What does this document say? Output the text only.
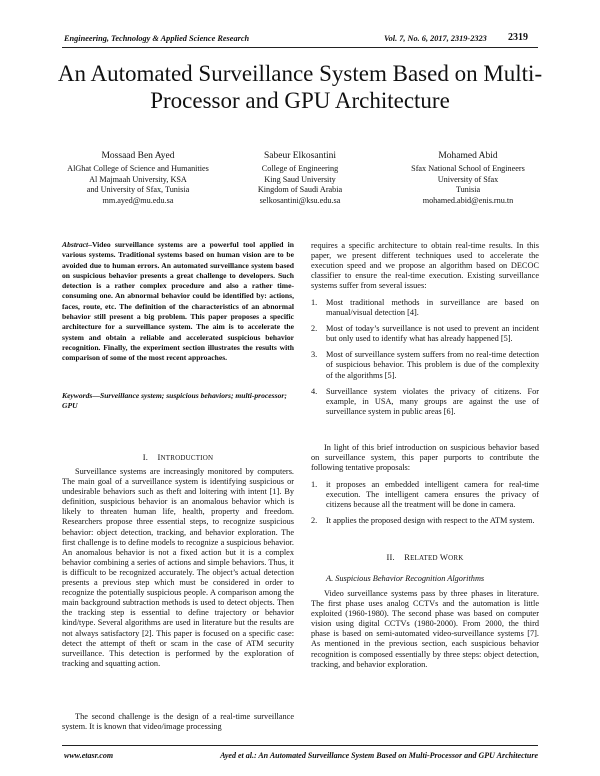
Engineering, Technology & Applied Science Research	Vol. 7, No. 6, 2017, 2319-2323 2319
An Automated Surveillance System Based on Multi-Processor and GPU Architecture
Mossaad Ben Ayed
AlGhat College of Science and Humanities
Al Majmaah University, KSA
and University of Sfax, Tunisia
mm.ayed@mu.edu.sa
Sabeur Elkosantini
College of Engineering
King Saud University
Kingdom of Saudi Arabia
selkosantini@ksu.edu.sa
Mohamed Abid
Sfax National School of Engineers
University of Sfax
Tunisia
mohamed.abid@enis.rnu.tn
Abstract–Video surveillance systems are a powerful tool applied in various systems. Traditional systems based on human vision are to be avoided due to human errors. An automated surveillance system based on suspicious behavior presents a great challenge to developers. Such detection is a rather complex procedure and also a rather time-consuming one. An abnormal behavior could be identified by: actions, faces, route, etc. The definition of the characteristics of an abnormal behavior still present a big problem. This paper proposes a specific architecture for a surveillance system. The aim is to accelerate the system and obtain a reliable and accelerated suspicious behavior recognition. Finally, the experiment section illustrates the results with comparison of some of the most recent approaches.
Keywords—Surveillance system; suspicious behaviors; multi-processor; GPU
I. INTRODUCTION
Surveillance systems are increasingly monitored by computers. The main goal of a surveillance system is identifying suspicious or undesirable behaviors such as theft and loitering with intent [1]. By definition, suspicious behavior is an anomalous behavior which is likely to threaten human life, health, property and freedom. Researchers propose three essential steps, to recognize suspicious behavior: object detection, tracking, and behavior exploration. The first challenge is to define models to recognize a suspicious behavior. An anomalous behavior is not a fixed action but it is a complex behavior combining a series of actions and simple behaviors. Thus, it is difficult to be recognized accurately. The object’s actual detection presents a previous step which must be considered in order to recognize the potentially suspicious people. A comparison among the main background subtraction methods is used to detect objects. Then the tracking step is essential to define trajectory or behavior kind/type. Several algorithms are used in literature but the results are not always satisfactory [2]. This paper is focused on a specific case: detect the attempt of theft or scam in the case of ATM security surveillance. This detection is performed by the exploration of tracking and squatting action.
The second challenge is the design of a real-time surveillance system. It is known that video/image processing
requires a specific architecture to obtain real-time results. In this paper, we present different techniques used to accelerate the execution speed and we propose an algorithm based on DECOC classifier to ensure the real-time execution. Existing surveillance systems suffer from several issues:
1. Most traditional methods in surveillance are based on manual/visual detection [4].
2. Most of today’s surveillance is not used to prevent an incident but only used to identify what has already happened [5].
3. Most of surveillance system suffers from no real-time detection of suspicious behavior. This problem is due of the complexity of the algorithms [5].
4. Surveillance system violates the privacy of citizens. For example, in USA, many groups are against the use of surveillance system in public areas [6].
In light of this brief introduction on suspicious behavior based on surveillance system, this paper purports to contribute the following tentative proposals:
1. it proposes an embedded intelligent camera for real-time execution. The intelligent camera ensures the privacy of citizens because all the treatment will be done in camera.
2. It applies the proposed design with respect to the ATM system.
II. RELATED WORK
A. Suspicious Behavior Recognition Algorithms
Video surveillance systems pass by three phases in literature. The first phase uses analog CCTVs and the automation is little exploited (1960-1980). The second phase was based on computer vision using digital CCTVs (1980-2000). From 2000, the third phase is based on semi-automated video-surveillance systems [7]. As mentioned in the previous section, each suspicious behavior recognition is composed essentially by three steps: object detection, tracking, and behavior exploration.
www.etasr.com	Ayed et al.: An Automated Surveillance System Based on Multi-Processor and GPU Architecture
